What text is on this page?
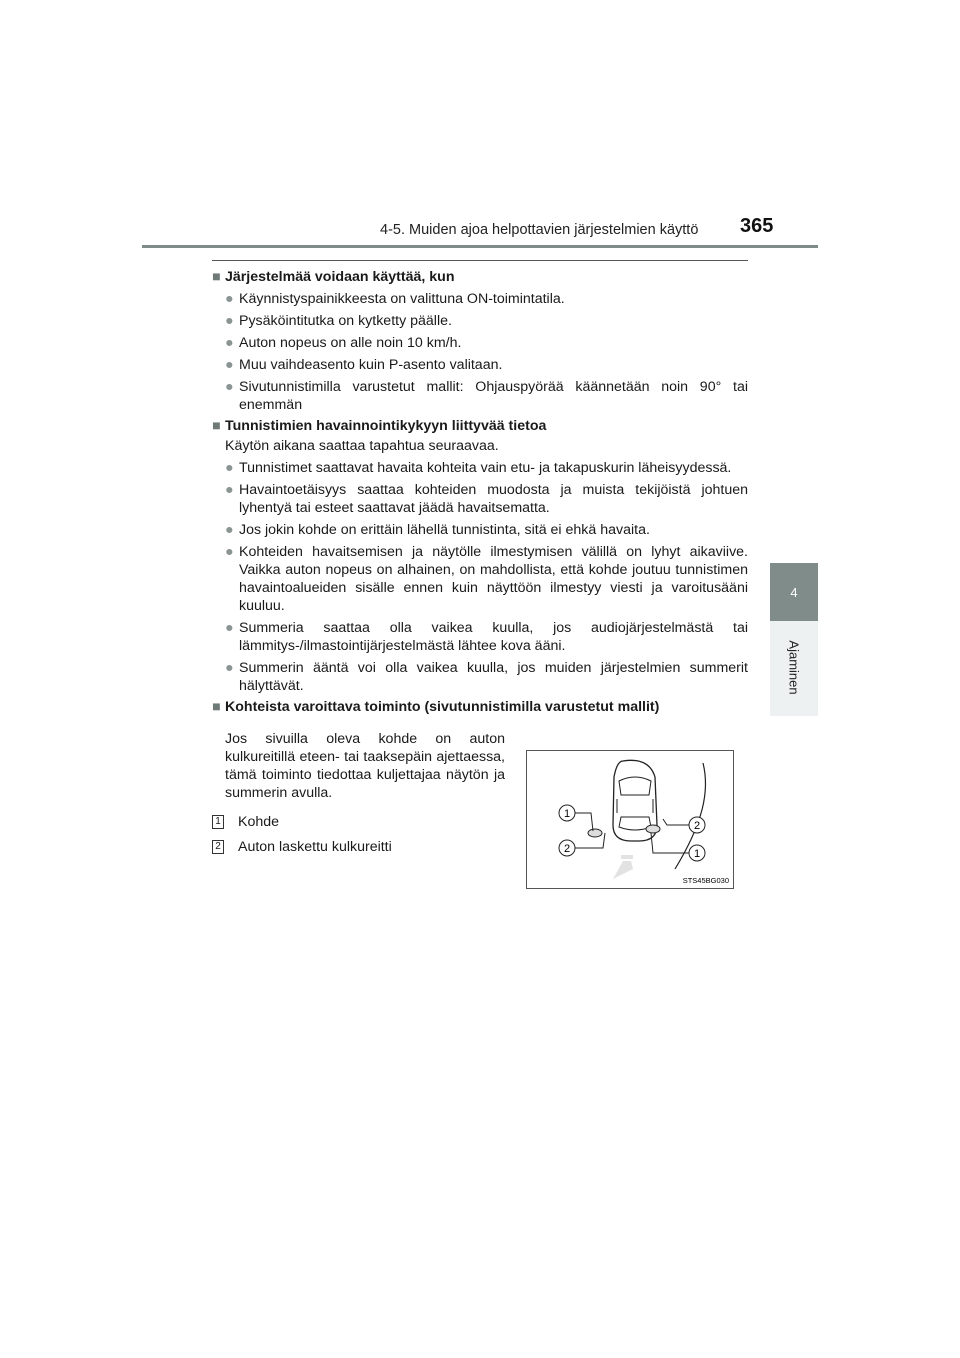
4-5. Muiden ajoa helpottavien järjestelmien käyttö 365
4
Ajaminen
■ Järjestelmää voidaan käyttää, kun
● Käynnistyspainikkeesta on valittuna ON-toimintatila.
● Pysäköintitutka on kytketty päälle.
● Auton nopeus on alle noin 10 km/h.
● Muu vaihdeasento kuin P-asento valitaan.
● Sivutunnistimilla varustetut mallit: Ohjauspyörää käännetään noin 90° tai enemmän
■ Tunnistimien havainnointikykyyn liittyvää tietoa
Käytön aikana saattaa tapahtua seuraavaa.
● Tunnistimet saattavat havaita kohteita vain etu- ja takapuskurin läheisyydessä.
● Havaintoetäisyys saattaa kohteiden muodosta ja muista tekijöistä johtuen lyhentyä tai esteet saattavat jäädä havaitsematta.
● Jos jokin kohde on erittäin lähellä tunnistinta, sitä ei ehkä havaita.
● Kohteiden havaitsemisen ja näytölle ilmestymisen välillä on lyhyt aikaviive. Vaikka auton nopeus on alhainen, on mahdollista, että kohde joutuu tunnistimen havaintoalueiden sisälle ennen kuin näyttöön ilmestyy viesti ja varoitusääni kuuluu.
● Summeria saattaa olla vaikea kuulla, jos audiojärjestelmästä tai lämmitys-/ilmastointijärjestelmästä lähtee kova ääni.
● Summerin ääntä voi olla vaikea kuulla, jos muiden järjestelmien summerit hälyttävät.
■ Kohteista varoittava toiminto (sivutunnistimilla varustetut mallit)
Jos sivuilla oleva kohde on auton kulkureitillä eteen- tai taaksepäin ajettaessa, tämä toiminto tiedottaa kuljettajaa näytön ja summerin avulla.
1 Kohde
2 Auton laskettu kulkureitti
1
2
2
1
STS45BG030
